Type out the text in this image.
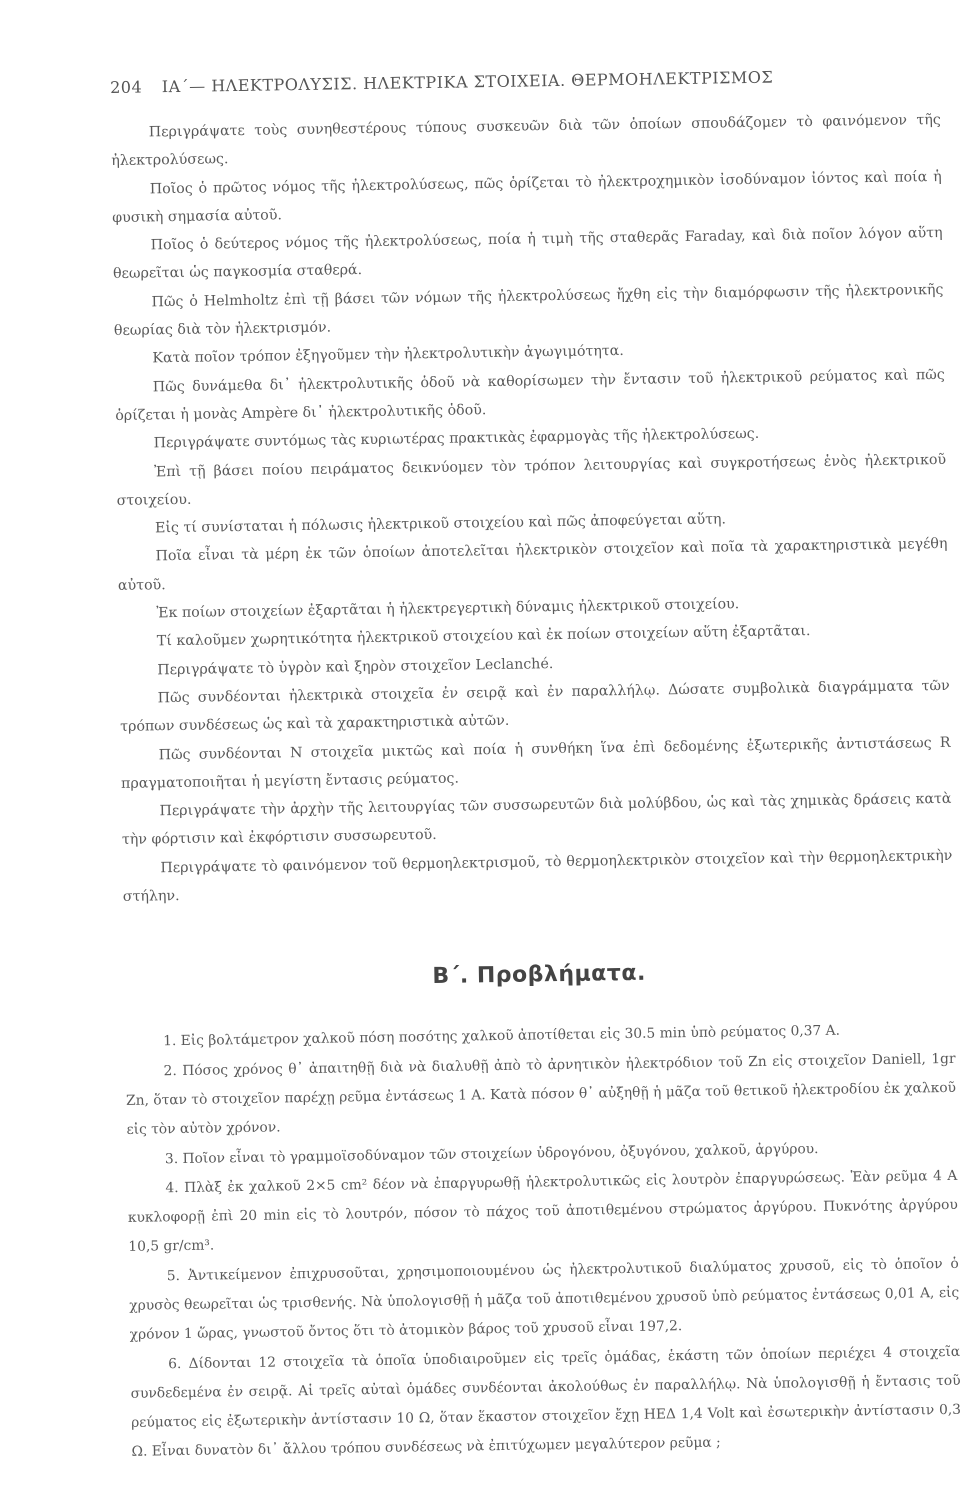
204 ΙΑ΄— ΗΛΕΚΤΡΟΛΥΣΙΣ. ΗΛΕΚΤΡΙΚΑ ΣΤΟΙΧΕΙΑ. ΘΕΡΜΟΗΛΕΚΤΡΙΣΜΟΣ

Περιγράψατε τοὺς συνηθεστέρους τύπους συσκευῶν διὰ τῶν ὁποίων σπουδάζομεν τὸ φαινόμενον τῆς ἠλεκτρολύσεως.

Ποῖος ὁ πρῶτος νόμος τῆς ἠλεκτρολύσεως, πῶς ὁρίζεται τὸ ἠλεκτροχημικὸν ἰσοδύναμον ἰόντος καὶ ποία ἡ φυσικὴ σημασία αὐτοῦ.

Ποῖος ὁ δεύτερος νόμος τῆς ἠλεκτρολύσεως, ποία ἡ τιμὴ τῆς σταθερᾶς Faraday, καὶ διὰ ποῖον λόγον αὕτη θεωρεῖται ὡς παγκοσμία σταθερά.

Πῶς ὁ Helmholtz ἐπὶ τῇ βάσει τῶν νόμων τῆς ἠλεκτρολύσεως ἤχθη εἰς τὴν διαμόρφωσιν τῆς ἠλεκτρονικῆς θεωρίας διὰ τὸν ἠλεκτρισμόν.

Κατὰ ποῖον τρόπον ἐξηγοῦμεν τὴν ἠλεκτρολυτικὴν ἀγωγιμότητα.

Πῶς δυνάμεθα δι᾽ ἠλεκτρολυτικῆς ὁδοῦ νὰ καθορίσωμεν τὴν ἔντασιν τοῦ ἠλεκτρικοῦ ρεύματος καὶ πῶς ὁρίζεται ἡ μονὰς Ampère δι᾽ ἠλεκτρολυτικῆς ὁδοῦ.

Περιγράψατε συντόμως τὰς κυριωτέρας πρακτικὰς ἐφαρμογὰς τῆς ἠλεκτρολύσεως.

Ἐπὶ τῇ βάσει ποίου πειράματος δεικνύομεν τὸν τρόπον λειτουργίας καὶ συγκροτήσεως ἑνὸς ἠλεκτρικοῦ στοιχείου.

Εἰς τί συνίσταται ἡ πόλωσις ἠλεκτρικοῦ στοιχείου καὶ πῶς ἀποφεύγεται αὕτη.

Ποῖα εἶναι τὰ μέρη ἐκ τῶν ὁποίων ἀποτελεῖται ἠλεκτρικὸν στοιχεῖον καὶ ποῖα τὰ χαρακτηριστικὰ μεγέθη αὐτοῦ.

Ἐκ ποίων στοιχείων ἐξαρτᾶται ἡ ἠλεκτρεγερτικὴ δύναμις ἠλεκτρικοῦ στοιχείου.

Τί καλοῦμεν χωρητικότητα ἠλεκτρικοῦ στοιχείου καὶ ἐκ ποίων στοιχείων αὕτη ἐξαρτᾶται.

Περιγράψατε τὸ ὑγρὸν καὶ ξηρὸν στοιχεῖον Leclanché.

Πῶς συνδέονται ἠλεκτρικὰ στοιχεῖα ἐν σειρᾷ καὶ ἐν παραλλήλῳ. Δώσατε συμβολικὰ διαγράμματα τῶν τρόπων συνδέσεως ὡς καὶ τὰ χαρακτηριστικὰ αὐτῶν.

Πῶς συνδέονται N στοιχεῖα μικτῶς καὶ ποία ἡ συνθήκη ἵνα ἐπὶ δεδομένης ἐξωτερικῆς ἀντιστάσεως R πραγματοποιῆται ἡ μεγίστη ἔντασις ρεύματος.

Περιγράψατε τὴν ἀρχὴν τῆς λειτουργίας τῶν συσσωρευτῶν διὰ μολύβδου, ὡς καὶ τὰς χημικὰς δράσεις κατὰ τὴν φόρτισιν καὶ ἐκφόρτισιν συσσωρευτοῦ.

Περιγράψατε τὸ φαινόμενον τοῦ θερμοηλεκτρισμοῦ, τὸ θερμοηλεκτρικὸν στοιχεῖον καὶ τὴν θερμοηλεκτρικὴν στήλην.

Β΄. Προβλήματα.

1. Εἰς βολτάμετρον χαλκοῦ πόση ποσότης χαλκοῦ ἀποτίθεται εἰς 30.5 min ὑπὸ ρεύματος 0,37 A.

2. Πόσος χρόνος θ᾽ ἀπαιτηθῇ διὰ νὰ διαλυθῇ ἀπὸ τὸ ἀρνητικὸν ἠλεκτρόδιον τοῦ Zn εἰς στοιχεῖον Daniell, 1gr Zn, ὅταν τὸ στοιχεῖον παρέχῃ ρεῦμα ἐντάσεως 1 A. Κατὰ πόσον θ᾽ αὐξηθῇ ἡ μᾶζα τοῦ θετικοῦ ἠλεκτροδίου ἐκ χαλκοῦ εἰς τὸν αὐτὸν χρόνον.

3. Ποῖον εἶναι τὸ γραμμοϊσοδύναμον τῶν στοιχείων ὑδρογόνου, ὀξυγόνου, χαλκοῦ, ἀργύρου.

4. Πλὰξ ἐκ χαλκοῦ 2×5 cm² δέον νὰ ἐπαργυρωθῇ ἠλεκτρολυτικῶς εἰς λουτρὸν ἐπαργυρώσεως. Ἐὰν ρεῦμα 4 A κυκλοφορῇ ἐπὶ 20 min εἰς τὸ λουτρόν, πόσον τὸ πάχος τοῦ ἀποτιθεμένου στρώματος ἀργύρου. Πυκνότης ἀργύρου 10,5 gr/cm³.

5. Ἀντικείμενον ἐπιχρυσοῦται, χρησιμοποιουμένου ὡς ἠλεκτρολυτικοῦ διαλύματος χρυσοῦ, εἰς τὸ ὁποῖον ὁ χρυσὸς θεωρεῖται ὡς τρισθενής. Νὰ ὑπολογισθῇ ἡ μᾶζα τοῦ ἀποτιθεμένου χρυσοῦ ὑπὸ ρεύματος ἐντάσεως 0,01 A, εἰς χρόνον 1 ὥρας, γνωστοῦ ὄντος ὅτι τὸ ἀτομικὸν βάρος τοῦ χρυσοῦ εἶναι 197,2.

6. Δίδονται 12 στοιχεῖα τὰ ὁποῖα ὑποδιαιροῦμεν εἰς τρεῖς ὁμάδας, ἑκάστη τῶν ὁποίων περιέχει 4 στοιχεῖα συνδεδεμένα ἐν σειρᾷ. Αἱ τρεῖς αὐταὶ ὁμάδες συνδέονται ἀκολούθως ἐν παραλλήλῳ. Νὰ ὑπολογισθῇ ἡ ἔντασις τοῦ ρεύματος εἰς ἐξωτερικὴν ἀντίστασιν 10 Ω, ὅταν ἕκαστον στοιχεῖον ἔχῃ ΗΕΔ 1,4 Volt καὶ ἐσωτερικὴν ἀντίστασιν 0,3 Ω. Εἶναι δυνατὸν δι᾽ ἄλλου τρόπου συνδέσεως νὰ ἐπιτύχωμεν μεγαλύτερον ρεῦμα ;
